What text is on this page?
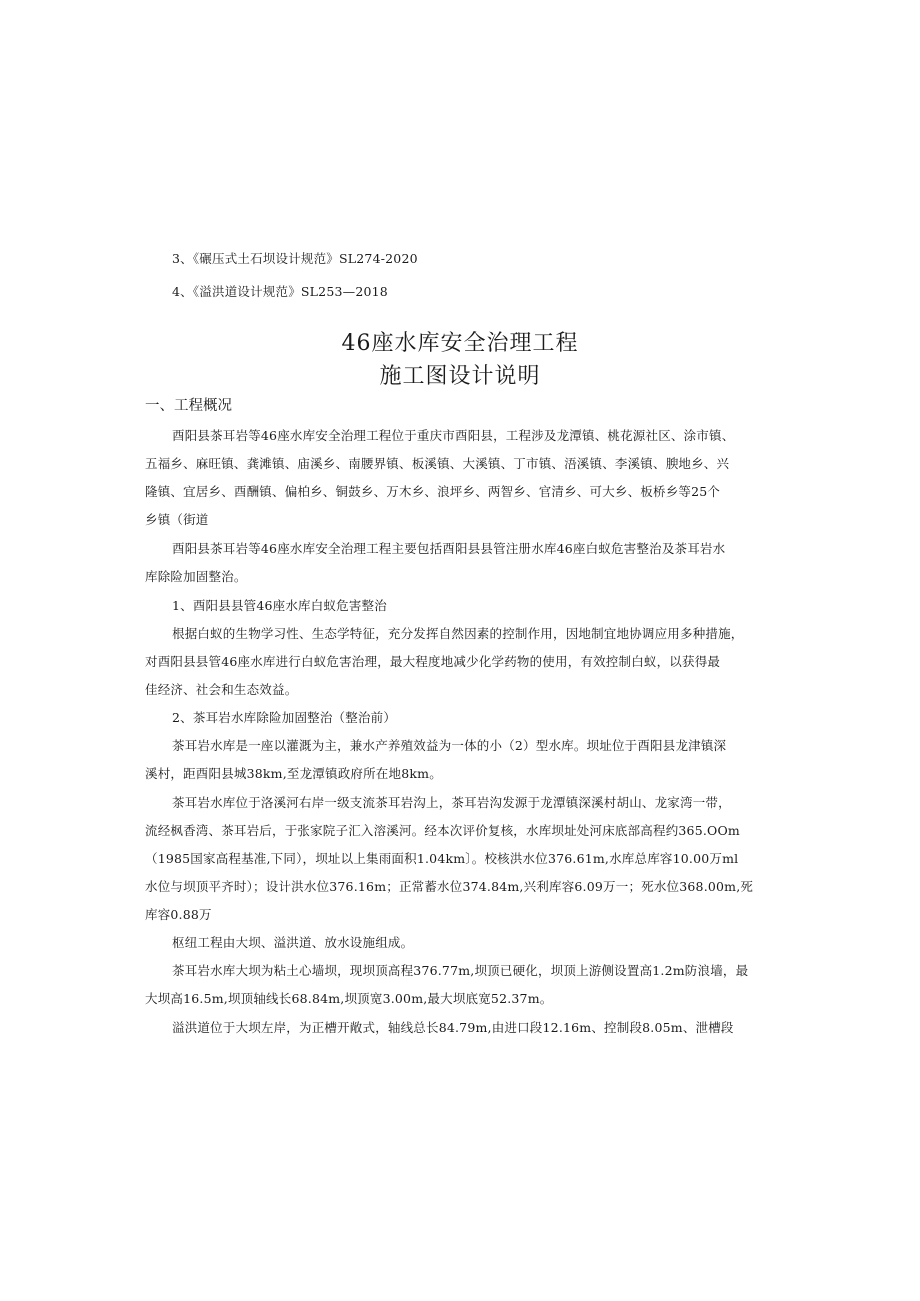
3、《碾压式土石坝设计规范》SL274-2020
4、《溢洪道设计规范》SL253—2018
46座水库安全治理工程
施工图设计说明
一、工程概况
酉阳县茶耳岩等46座水库安全治理工程位于重庆市酉阳县，工程涉及龙潭镇、桃花源社区、涂市镇、
五福乡、麻旺镇、龚滩镇、庙溪乡、南腰界镇、板溪镇、大溪镇、丁市镇、浯溪镇、李溪镇、腴地乡、兴
隆镇、宜居乡、酉酬镇、偏柏乡、铜鼓乡、万木乡、浪坪乡、两智乡、官清乡、可大乡、板桥乡等25个
乡镇（街道
酉阳县茶耳岩等46座水库安全治理工程主要包括酉阳县县管注册水库46座白蚁危害整治及茶耳岩水
库除险加固整治。
1、酉阳县县管46座水库白蚁危害整治
根据白蚁的生物学习性、生态学特征，充分发挥自然因素的控制作用，因地制宜地协调应用多种措施，
对酉阳县县管46座水库进行白蚁危害治理，最大程度地减少化学药物的使用，有效控制白蚁，以获得最
佳经济、社会和生态效益。
2、茶耳岩水库除险加固整治（整治前）
茶耳岩水库是一座以灌溉为主，兼水产养殖效益为一体的小（2）型水库。坝址位于酉阳县龙津镇深
溪村，距酉阳县城38km,至龙潭镇政府所在地8km。
茶耳岩水库位于洛溪河右岸一级支流茶耳岩沟上，茶耳岩沟发源于龙潭镇深溪村胡山、龙家湾一带，
流经枫香湾、茶耳岩后，于张家院子汇入溶溪河。经本次评价复核，水库坝址处河床底部高程约365.OOm
（1985国家高程基准,下同），坝址以上集雨面积1.04km〕。校核洪水位376.61m,水库总库容10.00万ml
水位与坝顶平齐时）；设计洪水位376.16m；正常蓄水位374.84m,兴利库容6.09万一；死水位368.00m,死
库容0.88万
枢纽工程由大坝、溢洪道、放水设施组成。
茶耳岩水库大坝为粘土心墙坝，现坝顶高程376.77m,坝顶已硬化，坝顶上游侧设置高1.2m防浪墙，最
大坝高16.5m,坝顶轴线长68.84m,坝顶宽3.00m,最大坝底宽52.37m。
溢洪道位于大坝左岸，为正槽开敞式，轴线总长84.79m,由进口段12.16m、控制段8.05m、泄槽段
